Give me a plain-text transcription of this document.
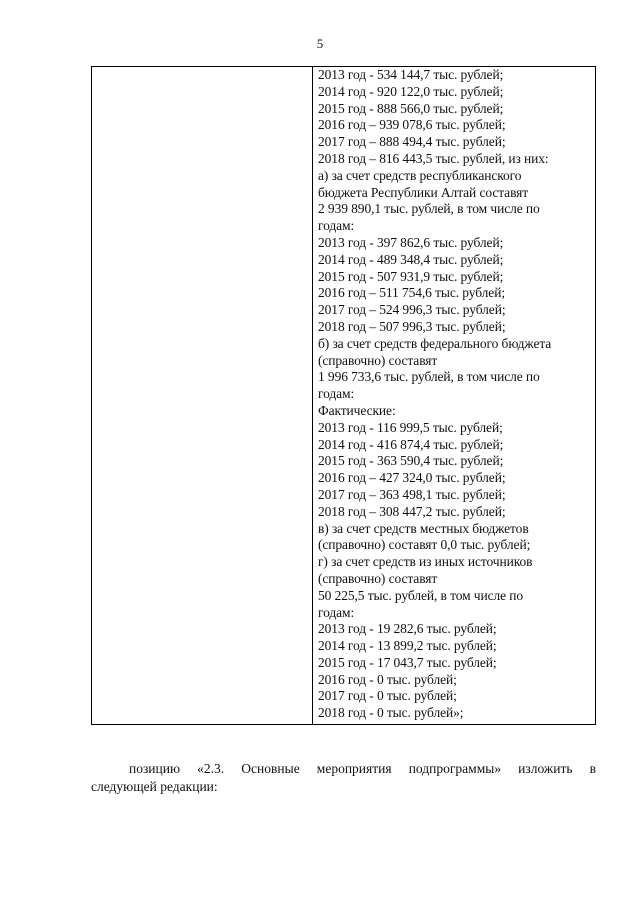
5

2013 год - 534 144,7 тыс. рублей;
2014 год - 920 122,0 тыс. рублей;
2015 год - 888 566,0 тыс. рублей;
2016 год – 939 078,6 тыс. рублей;
2017 год – 888 494,4 тыс. рублей;
2018 год – 816 443,5 тыс. рублей, из них:
а) за счет средств республиканского
бюджета Республики Алтай составят
2 939 890,1 тыс. рублей, в том числе по
годам:
2013 год - 397 862,6 тыс. рублей;
2014 год - 489 348,4 тыс. рублей;
2015 год - 507 931,9 тыс. рублей;
2016 год – 511 754,6 тыс. рублей;
2017 год – 524 996,3 тыс. рублей;
2018 год – 507 996,3 тыс. рублей;
б) за счет средств федерального бюджета
(справочно) составят
1 996 733,6 тыс. рублей, в том числе по
годам:
Фактические:
2013 год - 116 999,5 тыс. рублей;
2014 год - 416 874,4 тыс. рублей;
2015 год - 363 590,4 тыс. рублей;
2016 год – 427 324,0 тыс. рублей;
2017 год – 363 498,1 тыс. рублей;
2018 год – 308 447,2 тыс. рублей;
в) за счет средств местных бюджетов
(справочно) составят 0,0 тыс. рублей;
г) за счет средств из иных источников
(справочно) составят
50 225,5 тыс. рублей, в том числе по
годам:
2013 год - 19 282,6 тыс. рублей;
2014 год - 13 899,2 тыс. рублей;
2015 год - 17 043,7 тыс. рублей;
2016 год - 0 тыс. рублей;
2017 год - 0 тыс. рублей;
2018 год - 0 тыс. рублей»;
позицию «2.3. Основные мероприятия подпрограммы» изложить в
следующей редакции:
